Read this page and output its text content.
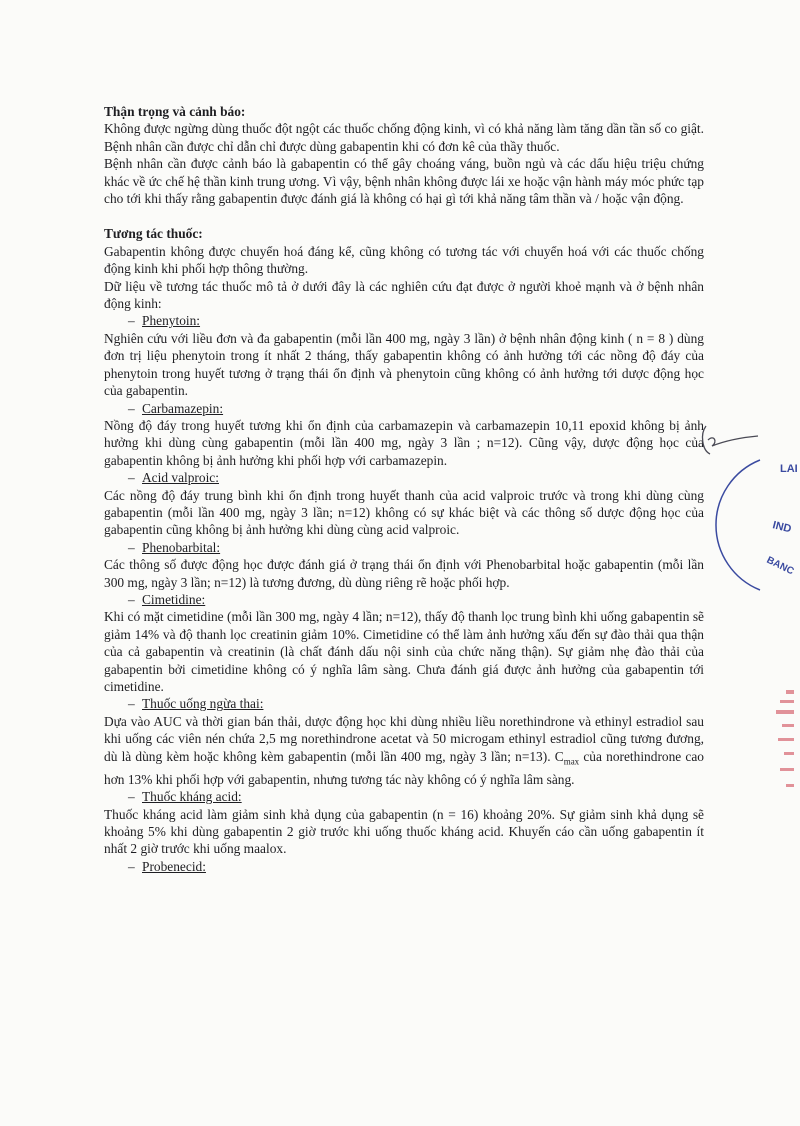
Thận trọng và cảnh báo:

Không được ngừng dùng thuốc đột ngột các thuốc chống động kinh, vì có khả năng làm tăng dần tần số co giật. Bệnh nhân cần được chỉ dẫn chỉ được dùng gabapentin khi có đơn kê của thầy thuốc.

Bệnh nhân cần được cảnh báo là gabapentin có thể gây choáng váng, buồn ngủ và các dấu hiệu triệu chứng khác về ức chế hệ thần kinh trung ương. Vì vậy, bệnh nhân không được lái xe hoặc vận hành máy móc phức tạp cho tới khi thấy rằng gabapentin được đánh giá là không có hại gì tới khả năng tâm thần và / hoặc vận động.

Tương tác thuốc:

Gabapentin không được chuyển hoá đáng kể, cũng không có tương tác với chuyển hoá với các thuốc chống động kinh khi phối hợp thông thường.

Dữ liệu về tương tác thuốc mô tả ở dưới đây là các nghiên cứu đạt được ở người khoẻ mạnh và ở bệnh nhân động kinh:

– Phenytoin:

Nghiên cứu với liều đơn và đa gabapentin (mỗi lần 400 mg, ngày 3 lần) ở bệnh nhân động kinh ( n = 8 ) dùng đơn trị liệu phenytoin trong ít nhất 2 tháng, thấy gabapentin không có ảnh hưởng tới các nồng độ đáy của phenytoin trong huyết tương ở trạng thái ổn định và phenytoin cũng không có ảnh hưởng tới dược động học của gabapentin.

– Carbamazepin:

Nồng độ đáy trong huyết tương khi ổn định của carbamazepin và carbamazepin 10,11 epoxid không bị ảnh hưởng khi dùng cùng gabapentin (mỗi lần 400 mg, ngày 3 lần ; n=12). Cũng vậy, dược động học của gabapentin không bị ảnh hưởng khi phối hợp với carbamazepin.

– Acid valproic:

Các nồng độ đáy trung bình khi ổn định trong huyết thanh của acid valproic trước và trong khi dùng cùng gabapentin (mỗi lần 400 mg, ngày 3 lần; n=12) không có sự khác biệt và các thông số dược động học của gabapentin cũng không bị ảnh hưởng khi dùng cùng acid valproic.

– Phenobarbital:

Các thông số được động học được đánh giá ở trạng thái ổn định với Phenobarbital hoặc gabapentin (mỗi lần 300 mg, ngày 3 lần; n=12) là tương đương, dù dùng riêng rẽ hoặc phối hợp.

– Cimetidine:

Khi có mặt cimetidine (mỗi lần 300 mg, ngày 4 lần; n=12), thấy độ thanh lọc trung bình khi uống gabapentin sẽ giảm 14% và độ thanh lọc creatinin giảm 10%. Cimetidine có thể làm ảnh hưởng xấu đến sự đào thải qua thận của cả gabapentin và creatinin (là chất đánh dấu nội sinh của chức năng thận). Sự giảm nhẹ đào thải của gabapentin bởi cimetidine không có ý nghĩa lâm sàng. Chưa đánh giá được ảnh hưởng của gabapentin tới cimetidine.

– Thuốc uống ngừa thai:

Dựa vào AUC và thời gian bán thải, dược động học khi dùng nhiều liều norethindrone và ethinyl estradiol sau khi uống các viên nén chứa 2,5 mg norethindrone acetat và 50 microgam ethinyl estradiol cũng tương đương, dù là dùng kèm hoặc không kèm gabapentin (mỗi lần 400 mg, ngày 3 lần; n=13). $C_{max}$ của norethindrone cao hơn 13% khi phối hợp với gabapentin, nhưng tương tác này không có ý nghĩa lâm sàng.

– Thuốc kháng acid:

Thuốc kháng acid làm giảm sinh khả dụng của gabapentin (n = 16) khoảng 20%. Sự giảm sinh khả dụng sẽ khoảng 5% khi dùng gabapentin 2 giờ trước khi uống thuốc kháng acid. Khuyến cáo cần uống gabapentin ít nhất 2 giờ trước khi uống maalox.

– Probenecid:

LAI
IND
BANC
